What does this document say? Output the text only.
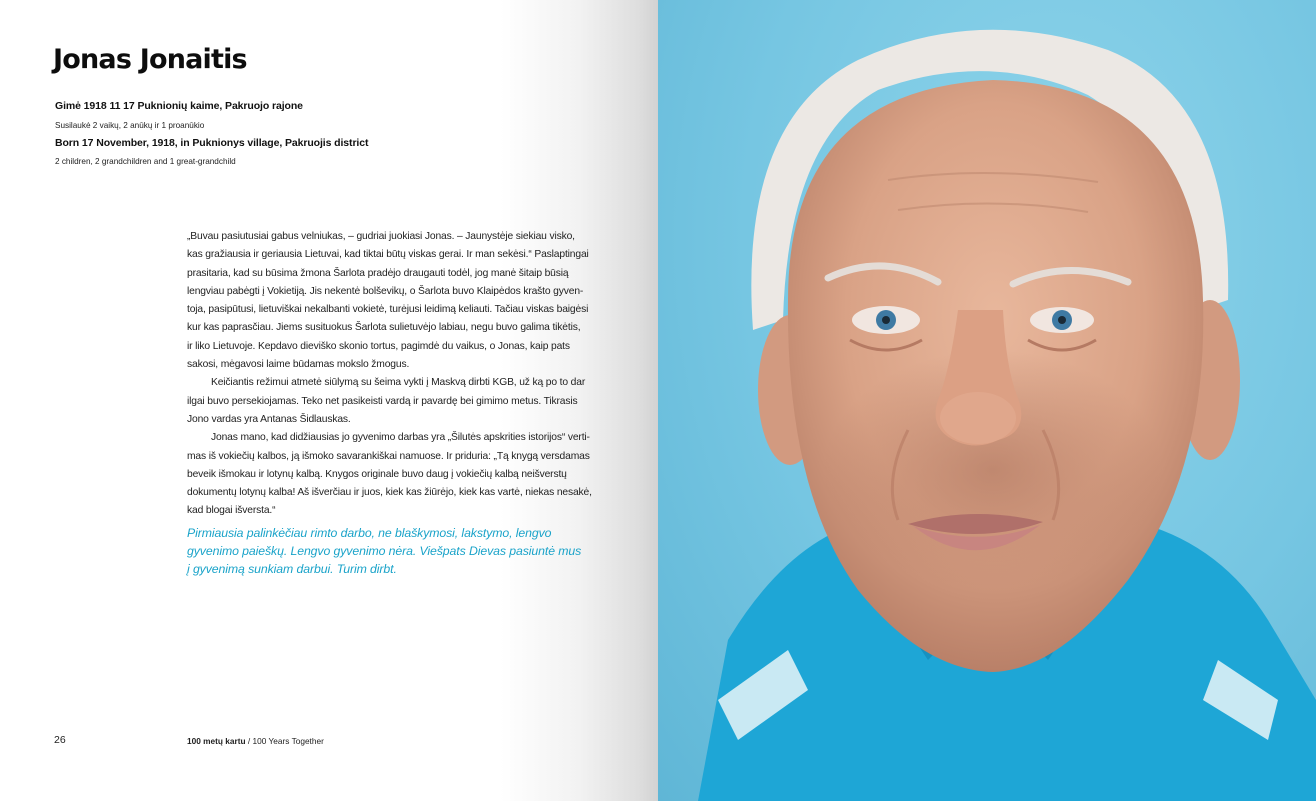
Jonas Jonaitis

Gimė 1918 11 17 Puknionių kaime, Pakruojo rajone

Susilaukė 2 vaikų, 2 anūkų ir 1 proanūkio

Born 17 November, 1918, in Puknionys village, Pakruojis district

2 children, 2 grandchildren and 1 great-grandchild

„Buvau pasiutusiai gabus velniukas, – gudriai juokiasi Jonas. – Jaunystėje siekiau visko,
kas gražiausia ir geriausia Lietuvai, kad tiktai būtų viskas gerai. Ir man sekėsi.“ Paslaptingai
prasitaria, kad su būsima žmona Šarlota pradėjo draugauti todėl, jog manė šitaip būsią
lengviau pabėgti į Vokietiją. Jis nekentė bolševikų, o Šarlota buvo Klaipėdos krašto gyven-
toja, pasipūtusi, lietuviškai nekalbanti vokietė, turėjusi leidimą keliauti. Tačiau viskas baigėsi
kur kas paprasčiau. Jiems susituokus Šarlota sulietuvėjo labiau, negu buvo galima tikėtis,
ir liko Lietuvoje. Kepdavo dieviško skonio tortus, pagimdė du vaikus, o Jonas, kaip pats
sakosi, mėgavosi laime būdamas mokslo žmogus.
Keičiantis režimui atmetė siūlymą su šeima vykti į Maskvą dirbti KGB, už ką po to dar
ilgai buvo persekiojamas. Teko net pasikeisti vardą ir pavardę bei gimimo metus. Tikrasis
Jono vardas yra Antanas Šidlauskas.
Jonas mano, kad didžiausias jo gyvenimo darbas yra „Šilutės apskrities istorijos“ verti-
mas iš vokiečių kalbos, ją išmoko savarankiškai namuose. Ir priduria: „Tą knygą versdamas
beveik išmokau ir lotynų kalbą. Knygos originale buvo daug į vokiečių kalbą neišverstų
dokumentų lotynų kalba! Aš išverčiau ir juos, kiek kas žiūrėjo, kiek kas vartė, niekas nesakė,
kad blogai išversta.“
Pirmiausia palinkėčiau rimto darbo, ne blaškymosi, lakstymo, lengvo
gyvenimo paieškų. Lengvo gyvenimo nėra. Viešpats Dievas pasiuntė mus
į gyvenimą sunkiam darbui. Turim dirbt.
26	100 metų kartu / 100 Years Together
